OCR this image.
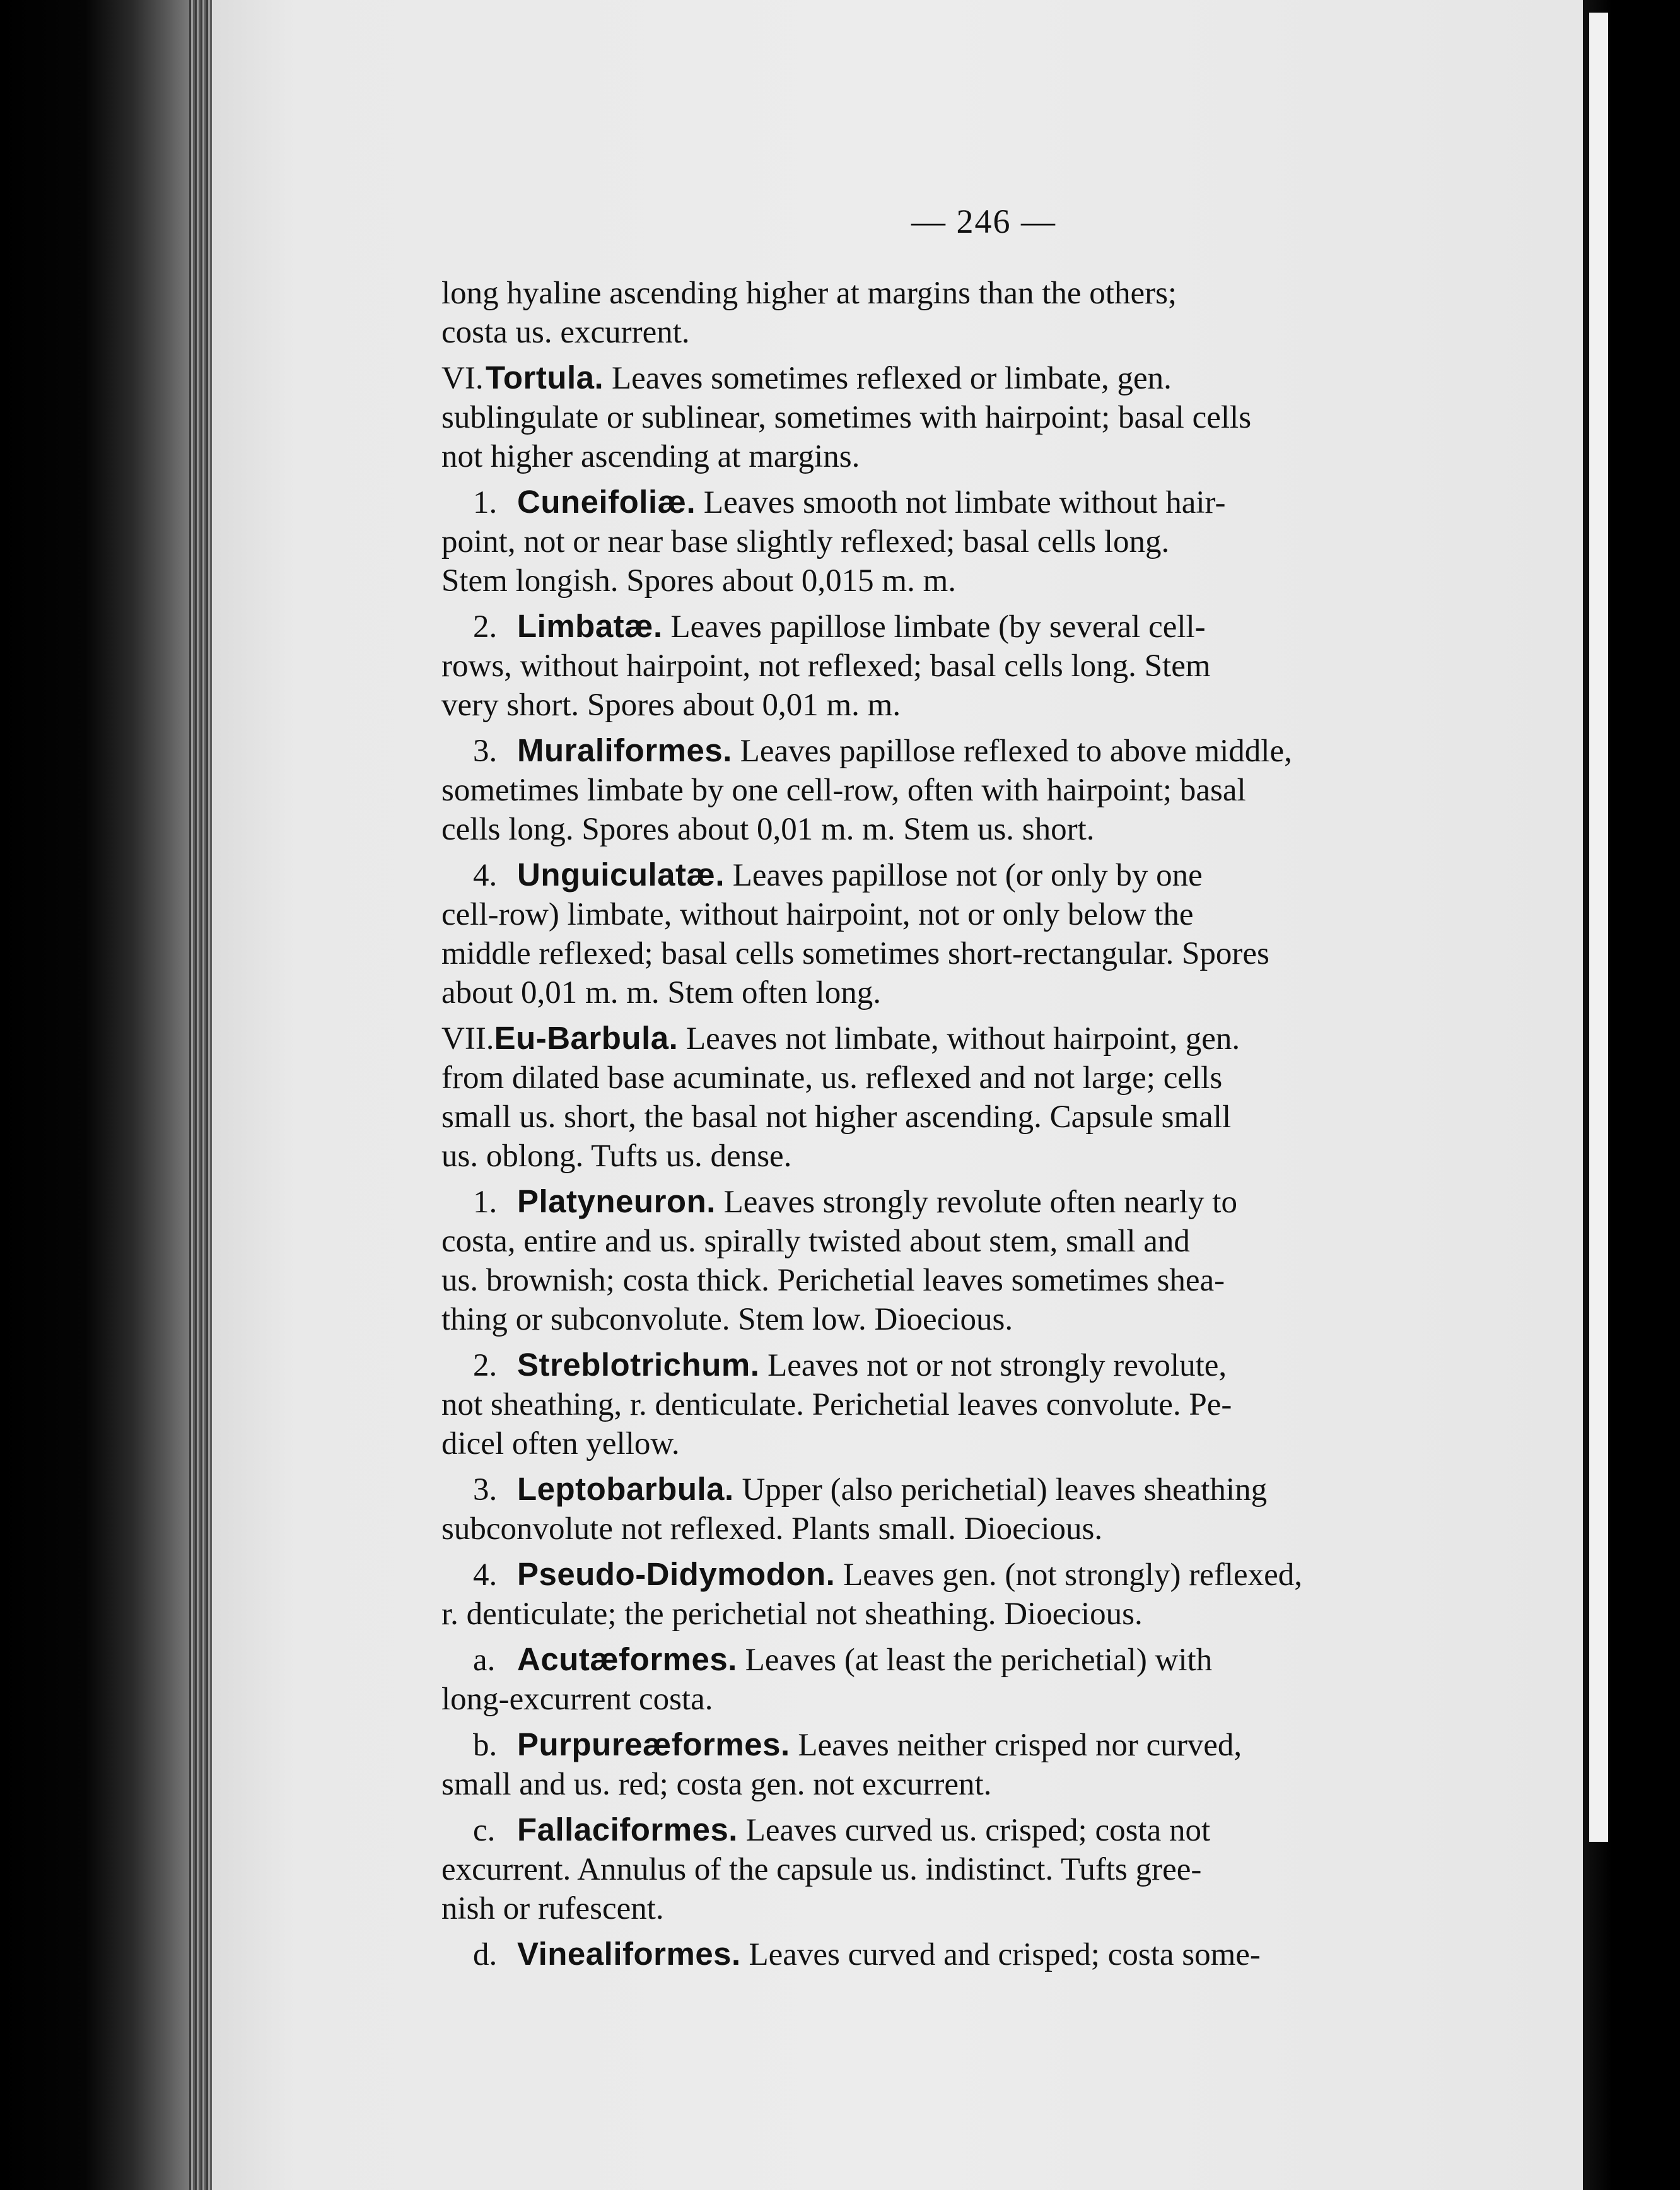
— 246 —
long hyaline ascending higher at margins than the others;
costa us. excurrent.
VI.Tortula. Leaves sometimes reflexed or limbate, gen.
sublingulate or sublinear, sometimes with hairpoint; basal cells
not higher ascending at margins.
1. Cuneifoliæ. Leaves smooth not limbate without hair-
point, not or near base slightly reflexed; basal cells long.
Stem longish. Spores about 0,015 m. m.
2. Limbatæ. Leaves papillose limbate (by several cell-
rows, without hairpoint, not reflexed; basal cells long. Stem
very short. Spores about 0,01 m. m.
3. Muraliformes. Leaves papillose reflexed to above middle,
sometimes limbate by one cell-row, often with hairpoint; basal
cells long. Spores about 0,01 m. m. Stem us. short.
4. Unguiculatæ. Leaves papillose not (or only by one
cell-row) limbate, without hairpoint, not or only below the
middle reflexed; basal cells sometimes short-rectangular. Spores
about 0,01 m. m. Stem often long.
VII.Eu-Barbula. Leaves not limbate, without hairpoint, gen.
from dilated base acuminate, us. reflexed and not large; cells
small us. short, the basal not higher ascending. Capsule small
us. oblong. Tufts us. dense.
1. Platyneuron. Leaves strongly revolute often nearly to
costa, entire and us. spirally twisted about stem, small and
us. brownish; costa thick. Perichetial leaves sometimes shea-
thing or subconvolute. Stem low. Dioecious.
2. Streblotrichum. Leaves not or not strongly revolute,
not sheathing, r. denticulate. Perichetial leaves convolute. Pe-
dicel often yellow.
3. Leptobarbula. Upper (also perichetial) leaves sheathing
subconvolute not reflexed. Plants small. Dioecious.
4. Pseudo-Didymodon. Leaves gen. (not strongly) reflexed,
r. denticulate; the perichetial not sheathing. Dioecious.
a. Acutæformes. Leaves (at least the perichetial) with
long-excurrent costa.
b. Purpureæformes. Leaves neither crisped nor curved,
small and us. red; costa gen. not excurrent.
c. Fallaciformes. Leaves curved us. crisped; costa not
excurrent. Annulus of the capsule us. indistinct. Tufts gree-
nish or rufescent.
d. Vinealiformes. Leaves curved and crisped; costa some-
